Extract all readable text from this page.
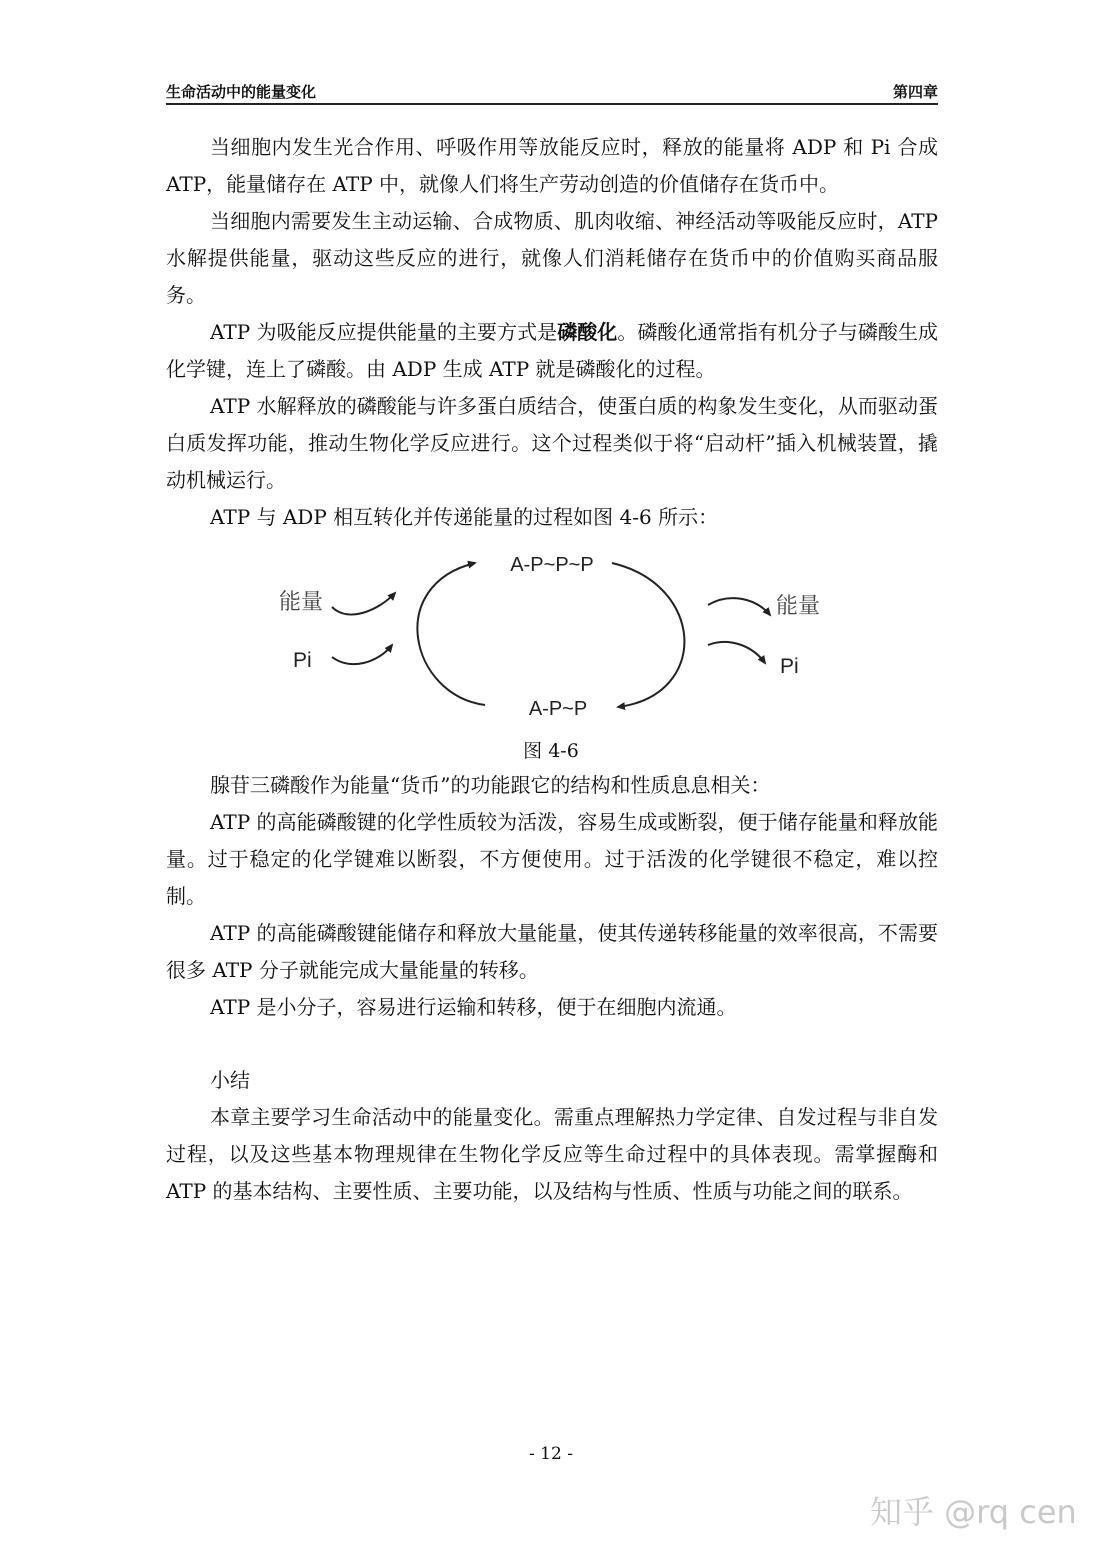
生命活动中的能量变化	第四章

当细胞内发生光合作用、呼吸作用等放能反应时，释放的能量将 ADP 和 Pi 合成 ATP，能量储存在 ATP 中，就像人们将生产劳动创造的价值储存在货币中。

当细胞内需要发生主动运输、合成物质、肌肉收缩、神经活动等吸能反应时，ATP 水解提供能量，驱动这些反应的进行，就像人们消耗储存在货币中的价值购买商品服务。

ATP 为吸能反应提供能量的主要方式是磷酸化。磷酸化通常指有机分子与磷酸生成化学键，连上了磷酸。由 ADP 生成 ATP 就是磷酸化的过程。

ATP 水解释放的磷酸能与许多蛋白质结合，使蛋白质的构象发生变化，从而驱动蛋白质发挥功能，推动生物化学反应进行。这个过程类似于将“启动杆”插入机械装置，撬动机械运行。

ATP 与 ADP 相互转化并传递能量的过程如图 4-6 所示：

A-P~P~P
A-P~P
能量
Pi
能量
Pi
图 4-6

腺苷三磷酸作为能量“货币”的功能跟它的结构和性质息息相关：

ATP 的高能磷酸键的化学性质较为活泼，容易生成或断裂，便于储存能量和释放能量。过于稳定的化学键难以断裂，不方便使用。过于活泼的化学键很不稳定，难以控制。

ATP 的高能磷酸键能储存和释放大量能量，使其传递转移能量的效率很高，不需要很多 ATP 分子就能完成大量能量的转移。

ATP 是小分子，容易进行运输和转移，便于在细胞内流通。

小结

本章主要学习生命活动中的能量变化。需重点理解热力学定律、自发过程与非自发过程，以及这些基本物理规律在生物化学反应等生命过程中的具体表现。需掌握酶和 ATP 的基本结构、主要性质、主要功能，以及结构与性质、性质与功能之间的联系。

- 12 -
知乎 @rq cen
